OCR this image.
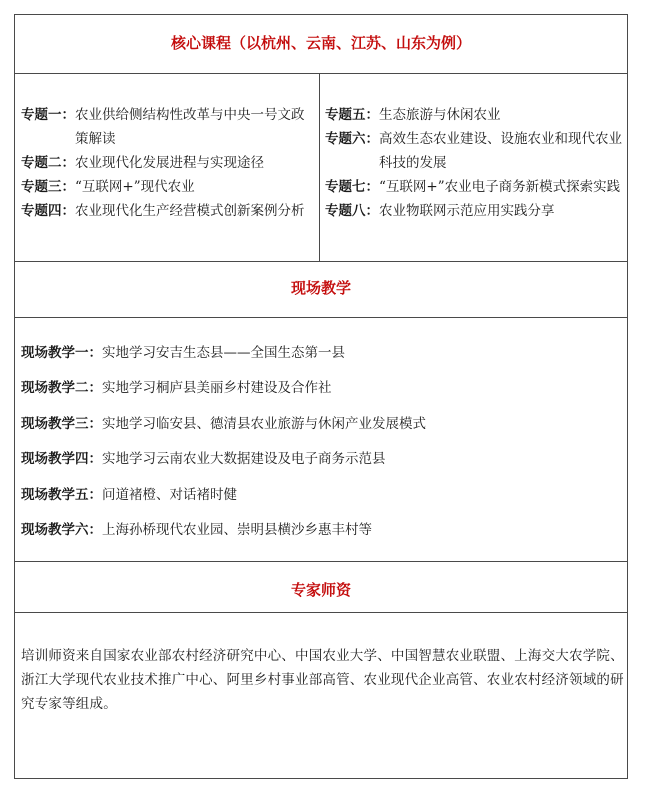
核心课程（以杭州、云南、江苏、山东为例）
专题一： 农业供给侧结构性改革与中央一号文政策解读
专题二： 农业现代化发展进程与实现途径
专题三： “互联网+”现代农业
专题四： 农业现代化生产经营模式创新案例分析
专题五： 生态旅游与休闲农业
专题六： 高效生态农业建设、设施农业和现代农业科技的发展
专题七： “互联网+”农业电子商务新模式探索实践
专题八： 农业物联网示范应用实践分享
现场教学
现场教学一： 实地学习安吉生态县——全国生态第一县
现场教学二： 实地学习桐庐县美丽乡村建设及合作社
现场教学三： 实地学习临安县、德清县农业旅游与休闲产业发展模式
现场教学四： 实地学习云南农业大数据建设及电子商务示范县
现场教学五： 问道褚橙、对话褚时健
现场教学六： 上海孙桥现代农业园、崇明县横沙乡惠丰村等
专家师资
培训师资来自国家农业部农村经济研究中心、中国农业大学、中国智慧农业联盟、上海交大农学院、浙江大学现代农业技术推广中心、阿里乡村事业部高管、农业现代企业高管、农业农村经济领域的研究专家等组成。
